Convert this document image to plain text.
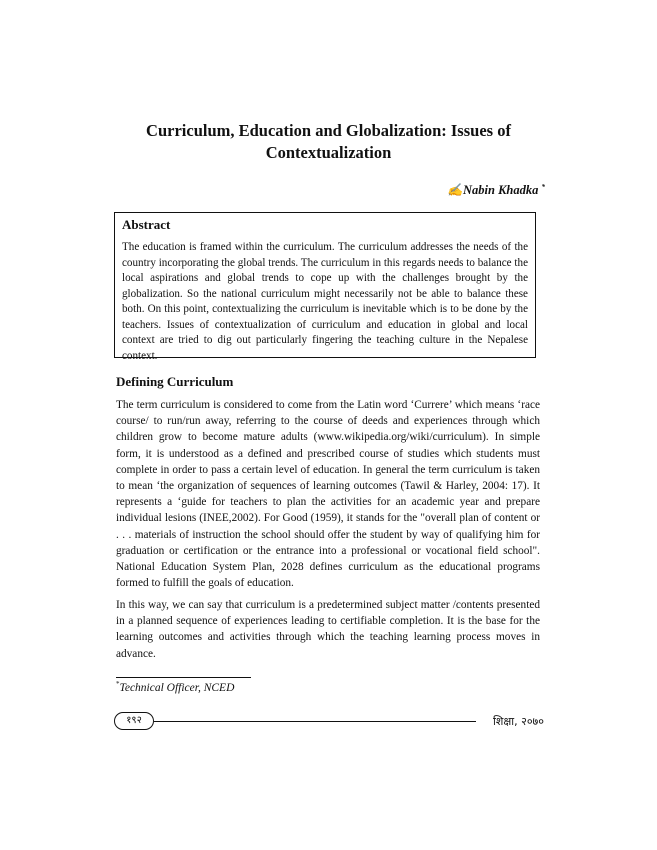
Curriculum, Education and Globalization: Issues of Contextualization
✍Nabin Khadka *
Abstract

The education is framed within the curriculum. The curriculum addresses the needs of the country incorporating the global trends. The curriculum in this regards needs to balance the local aspirations and global trends to cope up with the challenges brought by the globalization. So the national curriculum might necessarily not be able to balance these both. On this point, contextualizing the curriculum is inevitable which is to be done by the teachers. Issues of contextualization of curriculum and education in global and local context are tried to dig out particularly fingering the teaching culture in the Nepalese context.

Defining Curriculum

The term curriculum is considered to come from the Latin word ‘Currere’ which means ‘race course/ to run/run away, referring to the course of deeds and experiences through which children grow to become mature adults (www.wikipedia.org/wiki/curriculum). In simple form, it is understood as a defined and prescribed course of studies which students must complete in order to pass a certain level of education. In general the term curriculum is taken to mean ‘the organization of sequences of learning outcomes (Tawil & Harley, 2004: 17). It represents a ‘guide for teachers to plan the activities for an academic year and prepare individual lesions (INEE,2002). For Good (1959), it stands for the "overall plan of content or . . . materials of instruction the school should offer the student by way of qualifying him for graduation or certification or the entrance into a professional or vocational field school". National Education System Plan, 2028 defines curriculum as the educational programs formed to fulfill the goals of education.

In this way, we can say that curriculum is a predetermined subject matter /contents presented in a planned sequence of experiences leading to certifiable completion. It is the base for the learning outcomes and activities through which the teaching learning process moves in advance.

*Technical Officer, NCED
१९२	शिक्षा, २०७०
